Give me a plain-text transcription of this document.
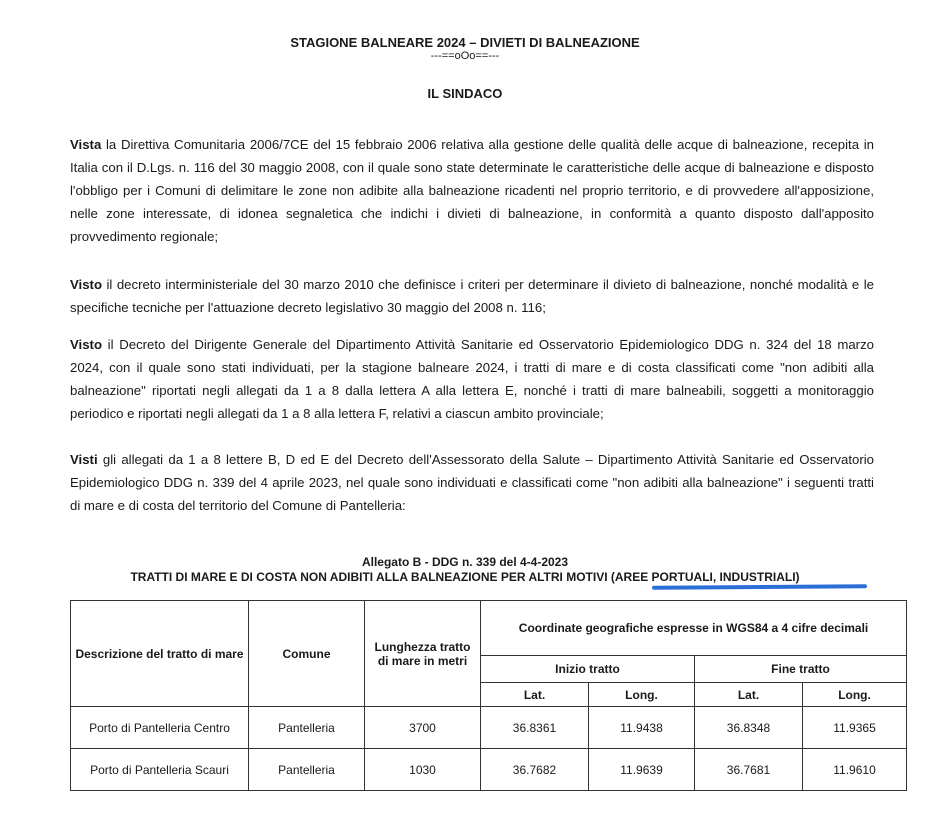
STAGIONE BALNEARE 2024 – DIVIETI DI BALNEAZIONE
---==oOo==---
IL SINDACO

Vista la Direttiva Comunitaria 2006/7CE del 15 febbraio 2006 relativa alla gestione delle qualità delle acque di balneazione, recepita in Italia con il D.Lgs. n. 116 del 30 maggio 2008, con il quale sono state determinate le caratteristiche delle acque di balneazione e disposto l'obbligo per i Comuni di delimitare le zone non adibite alla balneazione ricadenti nel proprio territorio, e di provvedere all'apposizione, nelle zone interessate, di idonea segnaletica che indichi i divieti di balneazione, in conformità a quanto disposto dall'apposito provvedimento regionale;

Visto il decreto interministeriale del 30 marzo 2010 che definisce i criteri per determinare il divieto di balneazione, nonché modalità e le specifiche tecniche per l'attuazione decreto legislativo 30 maggio del 2008 n. 116;

Visto il Decreto del Dirigente Generale del Dipartimento Attività Sanitarie ed Osservatorio Epidemiologico DDG n. 324 del 18 marzo 2024, con il quale sono stati individuati, per la stagione balneare 2024, i tratti di mare e di costa classificati come "non adibiti alla balneazione" riportati negli allegati da 1 a 8 dalla lettera A alla lettera E, nonché i tratti di mare balneabili, soggetti a monitoraggio periodico e riportati negli allegati da 1 a 8 alla lettera F, relativi a ciascun ambito provinciale;

Visti gli allegati da 1 a 8 lettere B, D ed E del Decreto dell'Assessorato della Salute – Dipartimento Attività Sanitarie ed Osservatorio Epidemiologico DDG n. 339 del 4 aprile 2023, nel quale sono individuati e classificati come "non adibiti alla balneazione" i seguenti tratti di mare e di costa del territorio del Comune di Pantelleria:

Allegato B - DDG n. 339 del 4-4-2023
TRATTI DI MARE E DI COSTA NON ADIBITI ALLA BALNEAZIONE PER ALTRI MOTIVI (AREE PORTUALI, INDUSTRIALI)
Descrizione del tratto di mare	Comune	Lunghezza tratto di mare in metri	Coordinate geografiche espresse in WGS84 a 4 cifre decimali			
			Inizio tratto		Fine tratto	
			Lat.	Long.	Lat.	Long.
Porto di Pantelleria Centro	Pantelleria	3700	36.8361	11.9438	36.8348	11.9365
Porto di Pantelleria Scauri	Pantelleria	1030	36.7682	11.9639	36.7681	11.9610
